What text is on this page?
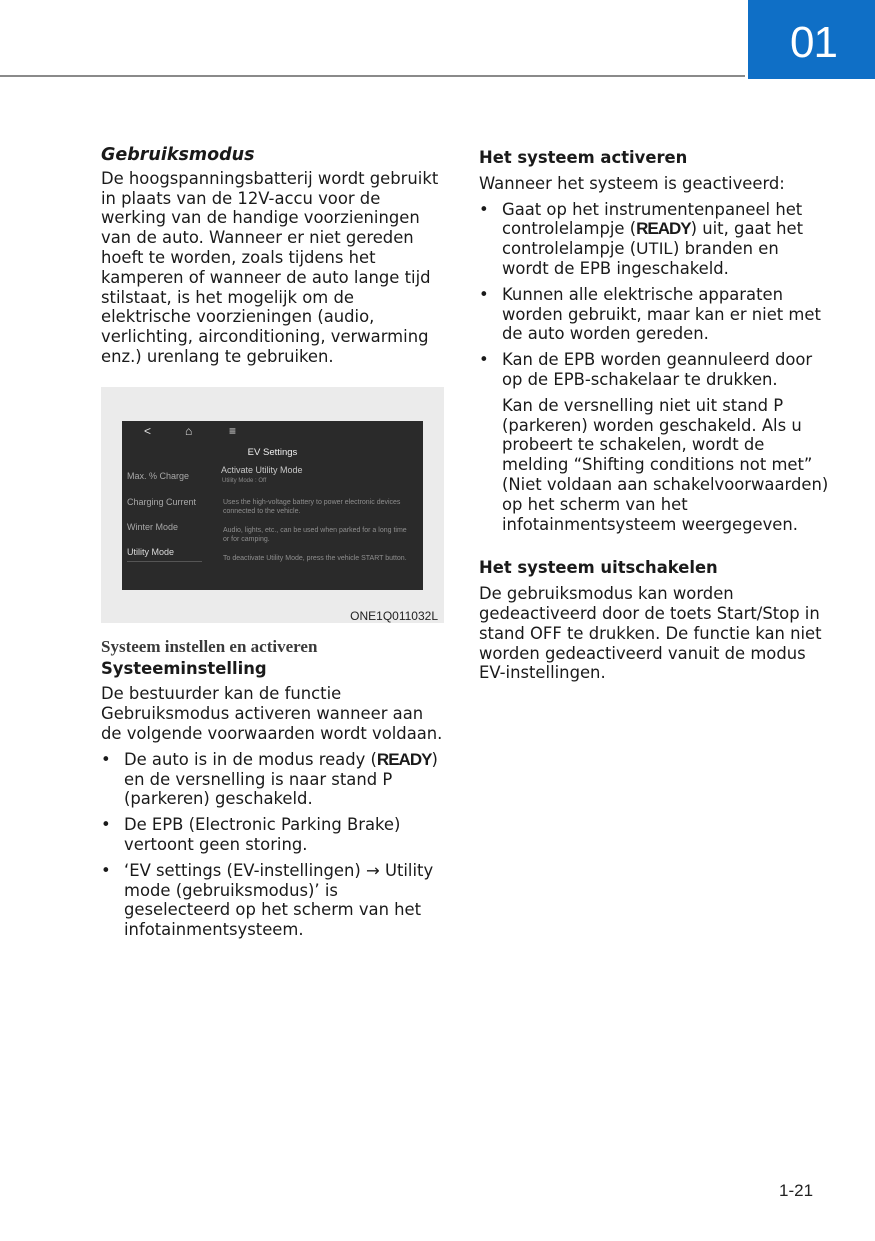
01
Gebruiksmodus

De hoogspanningsbatterij wordt gebruikt in plaats van de 12V-accu voor de werking van de handige voorzieningen van de auto. Wanneer er niet gereden hoeft te worden, zoals tijdens het kamperen of wanneer de auto lange tijd stilstaat, is het mogelijk om de elektrische voorzieningen (audio, verlichting, airconditioning, verwarming enz.) urenlang te gebruiken.

<	⌂	≡
EV Settings
Max. % Charge
Charging Current
Winter Mode
Utility Mode
Activate Utility Mode
Utility Mode : Off
Uses the high-voltage battery to power electronic devices connected to the vehicle.
Audio, lights, etc., can be used when parked for a long time or for camping.
To deactivate Utility Mode, press the vehicle START button.
ONE1Q011032L
Systeem instellen en activeren
Systeeminstelling

De bestuurder kan de functie Gebruiksmodus activeren wanneer aan de volgende voorwaarden wordt voldaan.

• De auto is in de modus ready (READY) en de versnelling is naar stand P (parkeren) geschakeld.
• De EPB (Electronic Parking Brake) vertoont geen storing.
• ‘EV settings (EV-instellingen) → Utility mode (gebruiksmodus)’ is geselecteerd op het scherm van het infotainmentsysteem.
Het systeem activeren

Wanneer het systeem is geactiveerd:

• Gaat op het instrumentenpaneel het controlelampje (READY) uit, gaat het controlelampje (UTIL) branden en wordt de EPB ingeschakeld.
• Kunnen alle elektrische apparaten worden gebruikt, maar kan er niet met de auto worden gereden.
• Kan de EPB worden geannuleerd door op de EPB-schakelaar te drukken.

Kan de versnelling niet uit stand P (parkeren) worden geschakeld. Als u probeert te schakelen, wordt de melding “Shifting conditions not met” (Niet voldaan aan schakelvoorwaarden) op het scherm van het infotainmentsysteem weergegeven.

Het systeem uitschakelen

De gebruiksmodus kan worden gedeactiveerd door de toets Start/Stop in stand OFF te drukken. De functie kan niet worden gedeactiveerd vanuit de modus EV-instellingen.

1-21
